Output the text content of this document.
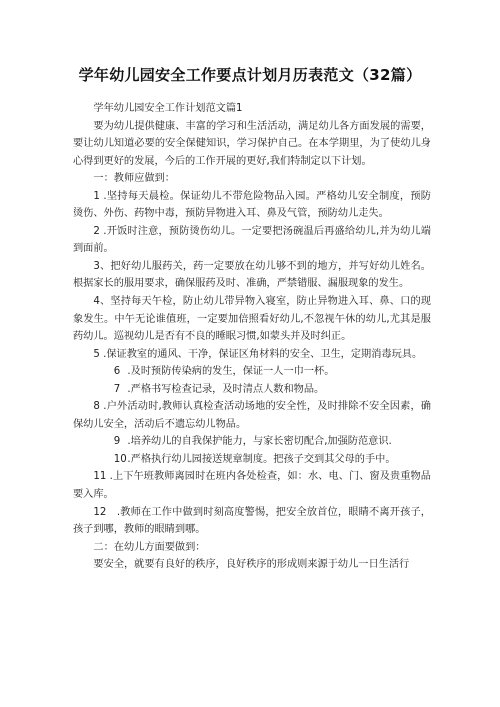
学年幼儿园安全工作要点计划月历表范文（32篇）

学年幼儿园安全工作计划范文篇1

要为幼儿提供健康、丰富的学习和生活活动，满足幼儿各方面发展的需要，要让幼儿知道必要的安全保健知识，学习保护自己。在本学期里，为了使幼儿身心得到更好的发展，今后的工作开展的更好,我们特制定以下计划。

一：教师应做到：

1 .坚持每天晨检。保证幼儿不带危险物品入园。严格幼儿安全制度，预防烫伤、外伤、药物中毒，预防异物进入耳、鼻及气管，预防幼儿走失。

2 .开饭时注意，预防烫伤幼儿。一定要把汤碗温后再盛给幼儿,并为幼儿端到面前。

3、把好幼儿服药关，药一定要放在幼儿够不到的地方，并写好幼儿姓名。根据家长的服用要求，确保服药及时、准确，严禁错服、漏服现象的发生。

4、坚持每天午检，防止幼儿带异物入寝室，防止异物进入耳、鼻、口的现象发生。中午无论谁值班，一定要加倍照看好幼儿,不忽视午休的幼儿,尤其是服药幼儿。巡视幼儿是否有不良的睡眠习惯,如蒙头并及时纠正。

5 .保证教室的通风、干净，保证区角材料的安全、卫生，定期消毒玩具。

6 .及时预防传染病的发生，保证一人一巾一杯。

7 .严格书写检查记录，及时清点人数和物品。

8 .户外活动时,教师认真检查活动场地的安全性，及时排除不安全因素，确保幼儿安全，活动后不遗忘幼儿物品。

9 .培养幼儿的自我保护能力，与家长密切配合,加强防范意识.

10.严格执行幼儿园接送规章制度。把孩子交到其父母的手中。

11 .上下午班教师离园时在班内各处检查，如：水、电、门、窗及贵重物品要入库。

12　.教师在工作中做到时刻高度警惕，把安全放首位，眼睛不离开孩子，孩子到哪，教师的眼睛到哪。

二：在幼儿方面要做到：

要安全，就要有良好的秩序，良好秩序的形成则来源于幼儿一日生活行
